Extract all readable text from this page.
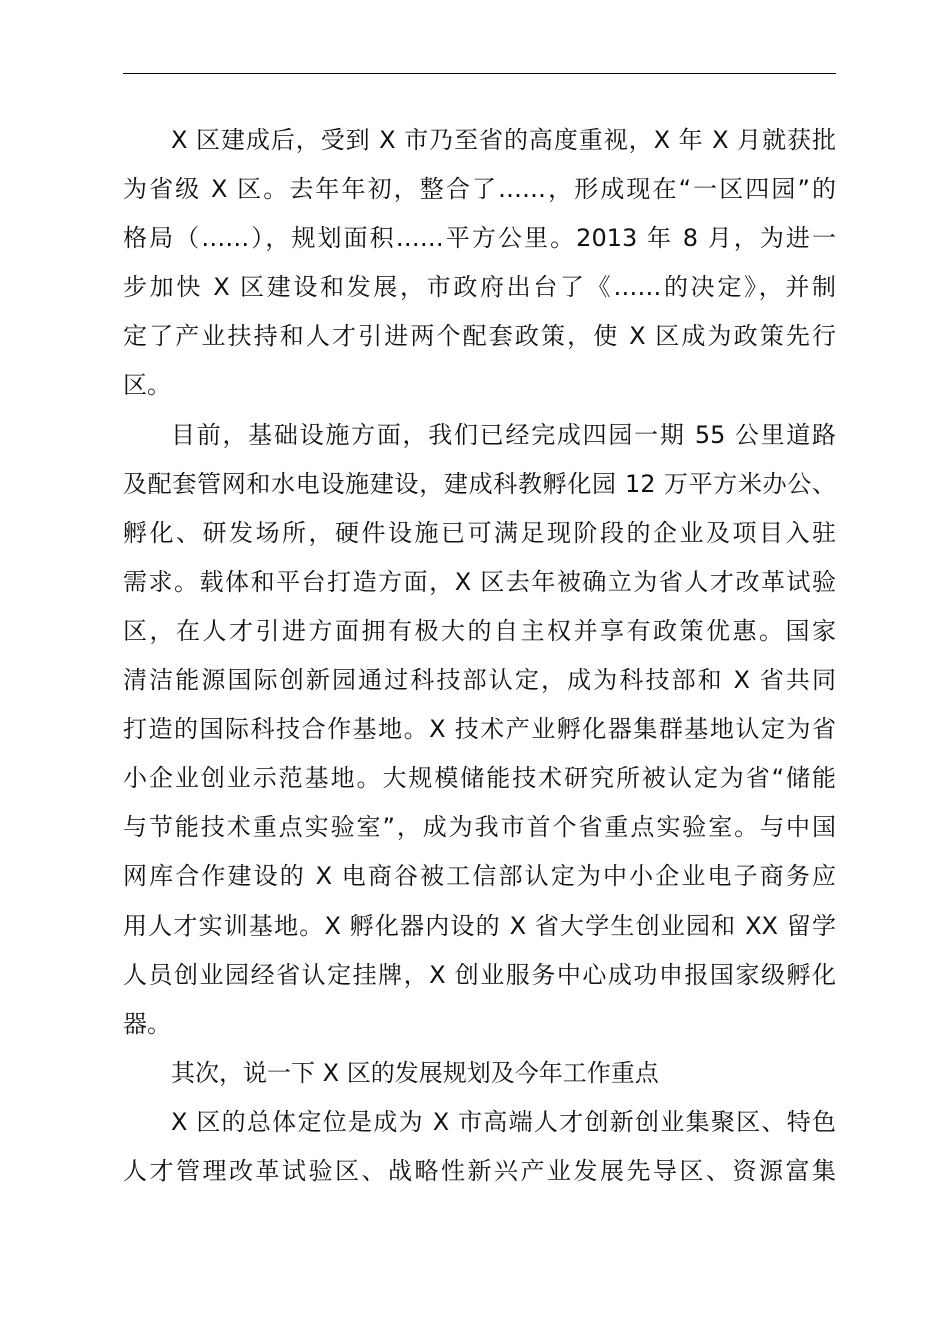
X 区建成后，受到 X 市乃至省的高度重视，X 年 X 月就获批
为省级 X 区。去年年初，整合了……，形成现在“一区四园”的
格局（……），规划面积……平方公里。2013 年 8 月，为进一
步加快 X 区建设和发展，市政府出台了《……的决定》，并制
定了产业扶持和人才引进两个配套政策，使 X 区成为政策先行
区。
目前，基础设施方面，我们已经完成四园一期 55 公里道路
及配套管网和水电设施建设，建成科教孵化园 12 万平方米办公、
孵化、研发场所，硬件设施已可满足现阶段的企业及项目入驻
需求。载体和平台打造方面，X 区去年被确立为省人才改革试验
区，在人才引进方面拥有极大的自主权并享有政策优惠。国家
清洁能源国际创新园通过科技部认定，成为科技部和 X 省共同
打造的国际科技合作基地。X 技术产业孵化器集群基地认定为省
小企业创业示范基地。大规模储能技术研究所被认定为省“储能
与节能技术重点实验室”，成为我市首个省重点实验室。与中国
网库合作建设的 X 电商谷被工信部认定为中小企业电子商务应
用人才实训基地。X 孵化器内设的 X 省大学生创业园和 XX 留学
人员创业园经省认定挂牌，X 创业服务中心成功申报国家级孵化
器。
其次，说一下 X 区的发展规划及今年工作重点
X 区的总体定位是成为 X 市高端人才创新创业集聚区、特色
人才管理改革试验区、战略性新兴产业发展先导区、资源富集
